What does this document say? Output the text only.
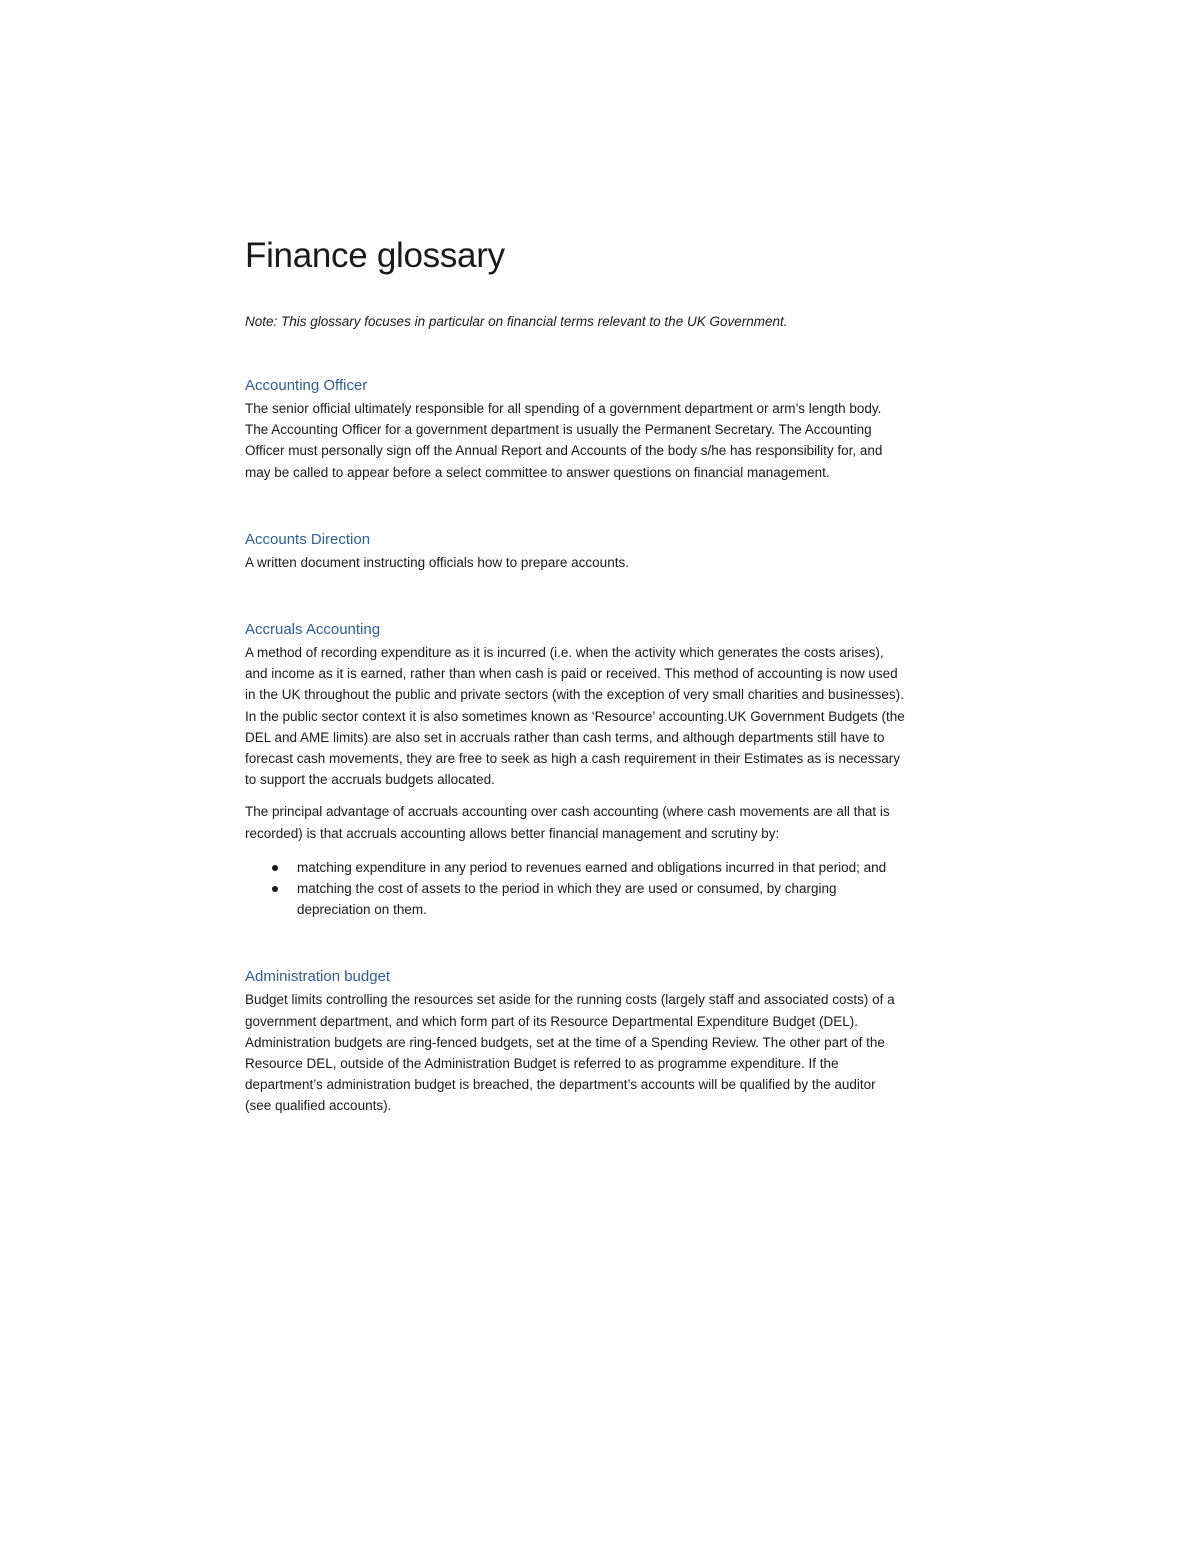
Finance glossary

Note: This glossary focuses in particular on financial terms relevant to the UK Government.

Accounting Officer

The senior official ultimately responsible for all spending of a government department or arm’s length body. The Accounting Officer for a government department is usually the Permanent Secretary. The Accounting Officer must personally sign off the Annual Report and Accounts of the body s/he has responsibility for, and may be called to appear before a select committee to answer questions on financial management.

Accounts Direction

A written document instructing officials how to prepare accounts.

Accruals Accounting

A method of recording expenditure as it is incurred (i.e. when the activity which generates the costs arises), and income as it is earned, rather than when cash is paid or received. This method of accounting is now used in the UK throughout the public and private sectors (with the exception of very small charities and businesses). In the public sector context it is also sometimes known as ‘Resource’ accounting.UK Government Budgets (the DEL and AME limits) are also set in accruals rather than cash terms, and although departments still have to forecast cash movements, they are free to seek as high a cash requirement in their Estimates as is necessary to support the accruals budgets allocated.

The principal advantage of accruals accounting over cash accounting (where cash movements are all that is recorded) is that accruals accounting allows better financial management and scrutiny by:

matching expenditure in any period to revenues earned and obligations incurred in that period; and
matching the cost of assets to the period in which they are used or consumed, by charging depreciation on them.
Administration budget

Budget limits controlling the resources set aside for the running costs (largely staff and associated costs) of a government department, and which form part of its Resource Departmental Expenditure Budget (DEL). Administration budgets are ring-fenced budgets, set at the time of a Spending Review. The other part of the Resource DEL, outside of the Administration Budget is referred to as programme expenditure. If the department’s administration budget is breached, the department’s accounts will be qualified by the auditor (see qualified accounts).
